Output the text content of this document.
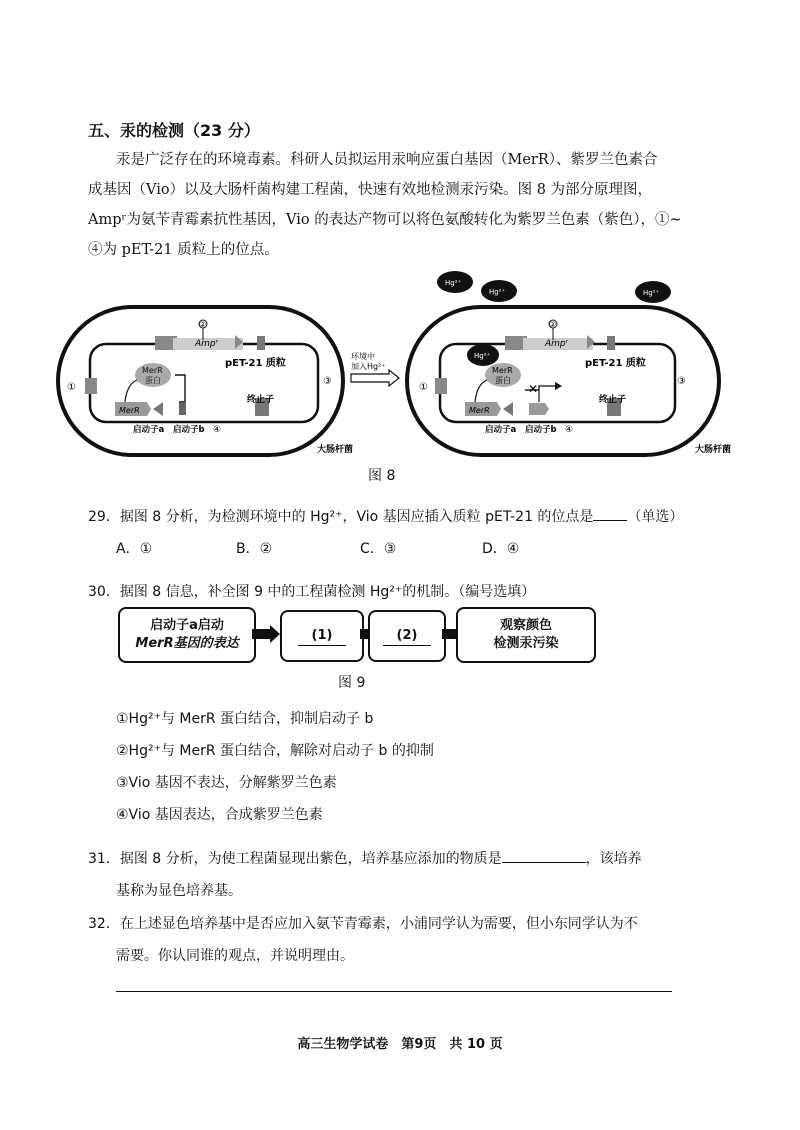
五、汞的检测（23 分）

汞是广泛存在的环境毒素。科研人员拟运用汞响应蛋白基因（MerR）、紫罗兰色素合

成基因（Vio）以及大肠杆菌构建工程菌，快速有效地检测汞污染。图 8 为部分原理图，

Ampʳ为氨苄青霉素抗性基因，Vio 的表达产物可以将色氨酸转化为紫罗兰色素（紫色），①~

④为 pET-21 质粒上的位点。

Ampʳ
pET-21 质粒
②
①
③
MerR
蛋白
MerR
终止子
启动子a 启动子b ④
大肠杆菌
环境中
加入Hg²⁺
Hg²⁺
Hg²⁺	Hg²⁺
Ampʳ
pET-21 质粒
②
①
③
Hg²⁺
MerR
蛋白
MerR
✕
终止子
启动子a 启动子b ④
大肠杆菌
图 8
29．据图 8 分析，为检测环境中的 Hg²⁺，Vio 基因应插入质粒 pET-21 的位点是 （单选）
A．①	B．②	C．③	D．④
30．据图 8 信息，补全图 9 中的工程菌检测 Hg²⁺的机制。（编号选填）
启动子a启动
MerR基因的表达
(1)	(2)
观察颜色
检测汞污染
图 9
①Hg²⁺与 MerR 蛋白结合，抑制启动子 b
②Hg²⁺与 MerR 蛋白结合，解除对启动子 b 的抑制
③Vio 基因不表达，分解紫罗兰色素
④Vio 基因表达，合成紫罗兰色素
31．据图 8 分析，为使工程菌显现出紫色，培养基应添加的物质是	，该培养
基称为显色培养基。
32．在上述显色培养基中是否应加入氨苄青霉素，小浦同学认为需要，但小东同学认为不
需要。你认同谁的观点，并说明理由。
高三生物学试卷　第9页　共 10 页
